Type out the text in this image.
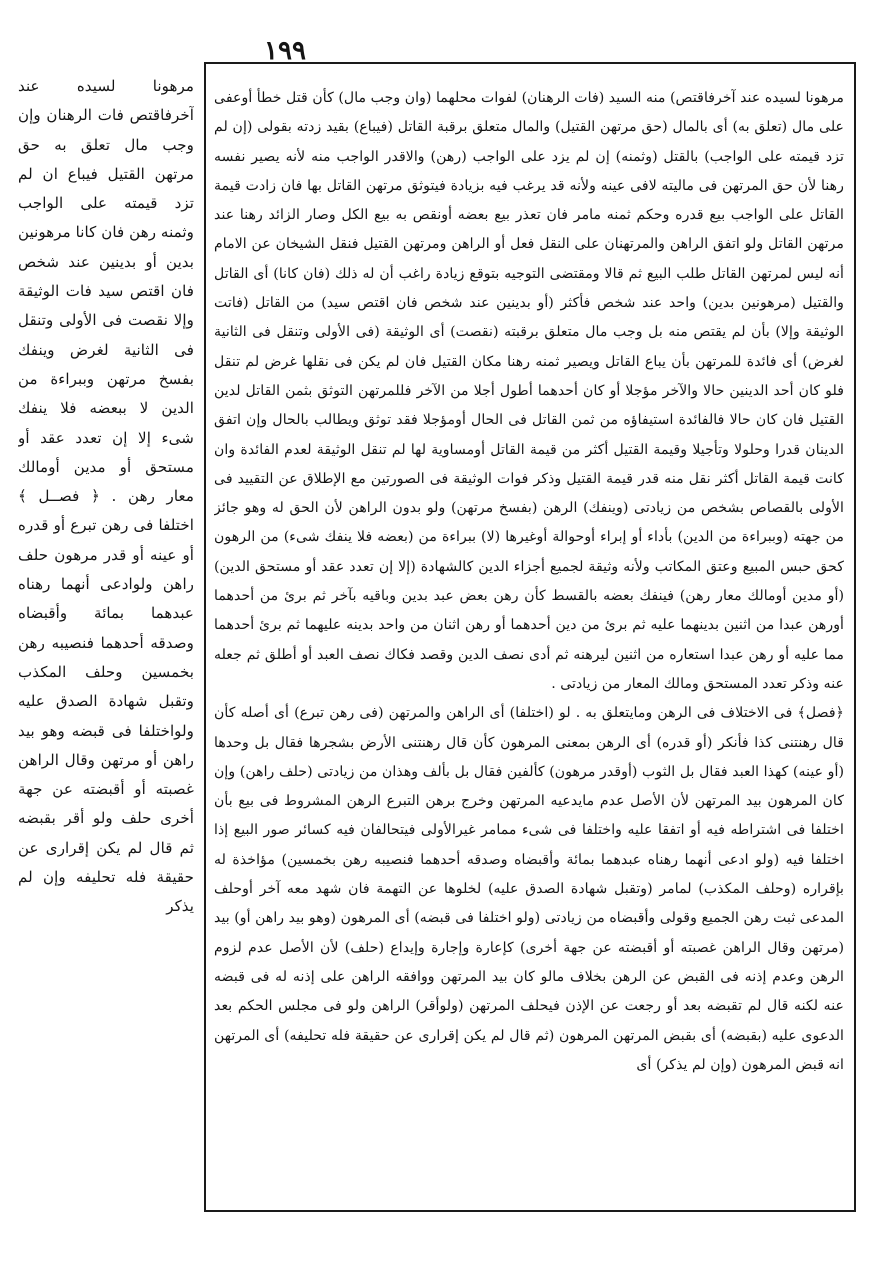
١٩٩

مرهونا لسيده عند آخرفاقتص) منه السيد (فات الرهنان) لفوات محلهما (وان وجب مال) كأن قتل خطأ أوعفى على مال (تعلق به) أى بالمال (حق مرتهن القتيل) والمال متعلق برقبة القاتل (فيباع) بقيد زدته بقولى (إن لم تزد قيمته على الواجب) بالقتل (وثمنه) إن لم يزد على الواجب (رهن) والاقدر الواجب منه لأنه يصير نفسه رهنا لأن حق المرتهن فى ماليته لافى عينه ولأنه قد يرغب فيه بزيادة فيتوثق مرتهن القاتل بها فان زادت قيمة القاتل على الواجب بيع قدره وحكم ثمنه مامر فان تعذر بيع بعضه أونقص به بيع الكل وصار الزائد رهنا عند مرتهن القاتل ولو اتفق الراهن والمرتهنان على النقل فعل أو الراهن ومرتهن القتيل فنقل الشيخان عن الامام أنه ليس لمرتهن القاتل طلب البيع ثم قالا ومقتضى التوجيه بتوقع زيادة راغب أن له ذلك (فان كانا) أى القاتل والقتيل (مرهونين بدين) واحد عند شخص فأكثر (أو بدينين عند شخص فان اقتص سيد) من القاتل (فاتت الوثيقة وإلا) بأن لم يقتص منه بل وجب مال متعلق برقبته (نقصت) أى الوثيقة (فى الأولى وتنقل فى الثانية لغرض) أى فائدة للمرتهن بأن يباع القاتل ويصير ثمنه رهنا مكان القتيل فان لم يكن فى نقلها غرض لم تنقل فلو كان أحد الدينين حالا والآخر مؤجلا أو كان أحدهما أطول أجلا من الآخر فللمرتهن التوثق بثمن القاتل لدين القتيل فان كان حالا فالفائدة استيفاؤه من ثمن القاتل فى الحال أومؤجلا فقد توثق ويطالب بالحال وإن اتفق الدينان قدرا وحلولا وتأجيلا وقيمة القتيل أكثر من قيمة القاتل أومساوية لها لم تنقل الوثيقة لعدم الفائدة وان كانت قيمة القاتل أكثر نقل منه قدر قيمة القتيل وذكر فوات الوثيقة فى الصورتين مع الإطلاق عن التقييد فى الأولى بالقصاص بشخص من زيادتى (وينفك) الرهن (بفسخ مرتهن) ولو بدون الراهن لأن الحق له وهو جائز من جهته (وببراءة من الدين) بأداء أو إبراء أوحوالة أوغيرها (لا) ببراءة من (بعضه فلا ينفك شىء) من الرهون كحق حبس المبيع وعتق المكاتب ولأنه وثيقة لجميع أجزاء الدين كالشهادة (إلا إن تعدد عقد أو مستحق الدين) (أو مدين أومالك معار رهن) فينفك بعضه بالقسط كأن رهن بعض عبد بدين وباقيه بآخر ثم برئ من أحدهما أورهن عبدا من اثنين بدينهما عليه ثم برئ من دين أحدهما أو رهن اثنان من واحد بدينه عليهما ثم برئ أحدهما مما عليه أو رهن عبدا استعاره من اثنين ليرهنه ثم أدى نصف الدين وقصد فكاك نصف العبد أو أطلق ثم جعله عنه وذكر تعدد المستحق ومالك المعار من زيادتى .

﴿فصل﴾ فى الاختلاف فى الرهن ومايتعلق به . لو (اختلفا) أى الراهن والمرتهن (فى رهن تبرع) أى أصله كأن قال رهنتنى كذا فأنكر (أو قدره) أى الرهن بمعنى المرهون كأن قال رهنتنى الأرض بشجرها فقال بل وحدها (أو عينه) كهذا العبد فقال بل الثوب (أوقدر مرهون) كألفين فقال بل بألف وهذان من زيادتى (حلف راهن) وإن كان المرهون بيد المرتهن لأن الأصل عدم مايدعيه المرتهن وخرج برهن التبرع الرهن المشروط فى بيع بأن اختلفا فى اشتراطه فيه أو اتفقا عليه واختلفا فى شىء ممامر غيرالأولى فيتحالفان فيه كسائر صور البيع إذا اختلفا فيه (ولو ادعى أنهما رهناه عبدهما بمائة وأقبضاه وصدقه أحدهما فنصيبه رهن بخمسين) مؤاخذة له بإقراره (وحلف المكذب) لمامر (وتقبل شهادة الصدق عليه) لخلوها عن التهمة فان شهد معه آخر أوحلف المدعى ثبت رهن الجميع وقولى وأقبضاه من زيادتى (ولو اختلفا فى قبضه) أى المرهون (وهو بيد راهن أو) بيد (مرتهن وقال الراهن غصبته أو أقبضته عن جهة أخرى) كإعارة وإجارة وإيداع (حلف) لأن الأصل عدم لزوم الرهن وعدم إذنه فى القبض عن الرهن بخلاف مالو كان بيد المرتهن ووافقه الراهن على إذنه له فى قبضه عنه لكنه قال لم تقبضه بعد أو رجعت عن الإذن فيحلف المرتهن (ولوأقر) الراهن ولو فى مجلس الحكم بعد الدعوى عليه (بقبضه) أى بقبض المرتهن المرهون (ثم قال لم يكن إقرارى عن حقيقة فله تحليفه) أى المرتهن انه قبض المرهون (وإن لم يذكر) أى

مرهونا لسيده عند آخرفاقتص فات الرهنان وإن وجب مال تعلق به حق مرتهن القتيل فيباع ان لم تزد قيمته على الواجب وثمنه رهن فان كانا مرهونين بدين أو بدينين عند شخص فان اقتص سيد فات الوثيقة وإلا نقصت فى الأولى وتنقل فى الثانية لغرض وينفك بفسخ مرتهن وببراءة من الدين لا ببعضه فلا ينفك شىء إلا إن تعدد عقد أو مستحق أو مدين أومالك معار رهن . ﴿ فصــل ﴾ اختلفا فى رهن تبرع أو قدره أو عينه أو قدر مرهون حلف راهن ولوادعى أنهما رهناه عبدهما بمائة وأقبضاه وصدقه أحدهما فنصيبه رهن بخمسين وحلف المكذب وتقبل شهادة الصدق عليه ولواختلفا فى قبضه وهو بيد راهن أو مرتهن وقال الراهن غصبته أو أقبضته عن جهة أخرى حلف ولو أقر بقبضه ثم قال لم يكن إقرارى عن حقيقة فله تحليفه وإن لم يذكر
